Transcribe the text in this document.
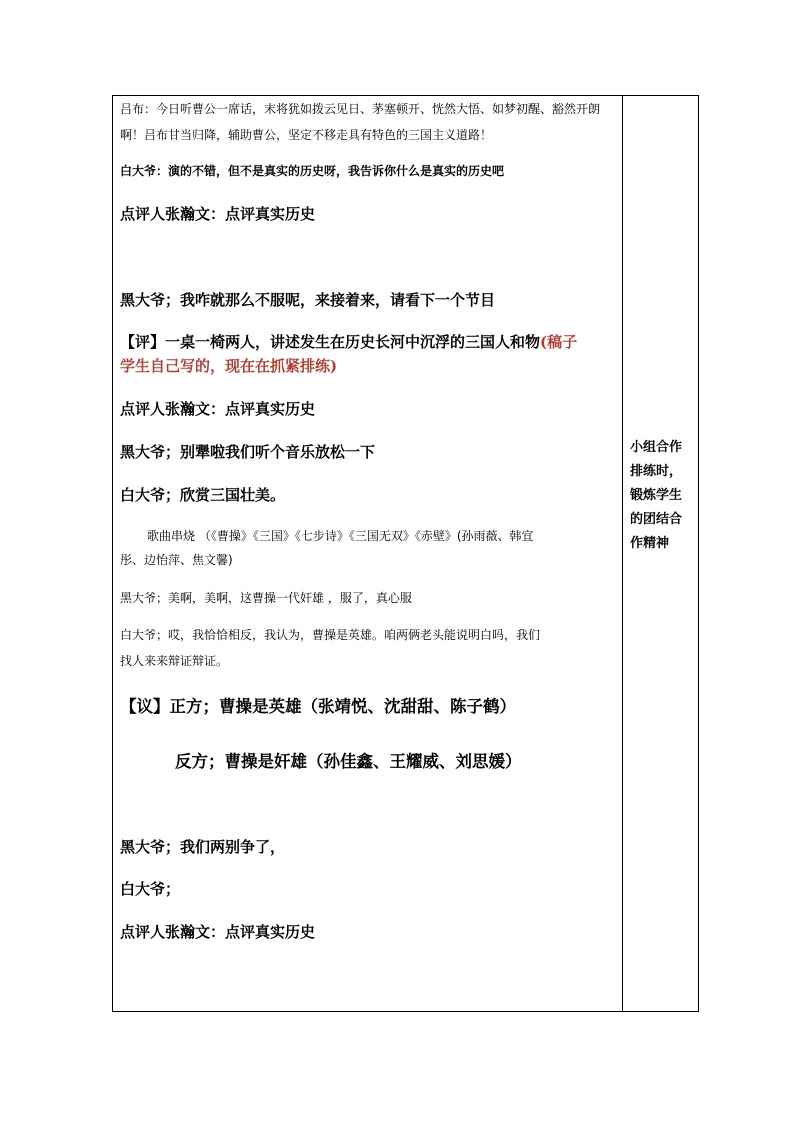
吕布：今日听曹公一席话，末将犹如拨云见日、茅塞顿开、恍然大悟、如梦初醒、豁然开朗
啊！吕布甘当归降，辅助曹公，坚定不移走具有特色的三国主义道路！
白大爷：演的不错，但不是真实的历史呀，我告诉你什么是真实的历史吧
点评人张瀚文：点评真实历史
黑大爷；我咋就那么不服呢，来接着来，请看下一个节目
【评】一桌一椅两人，讲述发生在历史长河中沉浮的三国人和物(稿子
学生自己写的，现在在抓紧排练)
点评人张瀚文：点评真实历史
黑大爷；别犟啦我们听个音乐放松一下
白大爷；欣赏三国壮美。
歌曲串烧 （《曹操》《三国》《七步诗》《三国无双》《赤壁》(孙雨薇、韩宜
彤、边怡萍、焦文馨)
黑大爷；美啊，美啊，这曹操一代奸雄 ，服了，真心服
白大爷；哎，我恰恰相反，我认为，曹操是英雄。咱两俩老头能说明白吗，我们
找人来来辩证辩证。
【议】正方；曹操是英雄（张靖悦、沈甜甜、陈子鹤）
反方；曹操是奸雄（孙佳鑫、王耀威、刘思媛）
黑大爷；我们两别争了，
白大爷；
点评人张瀚文：点评真实历史
小组合作
排练时，
锻炼学生
的团结合
作精神
